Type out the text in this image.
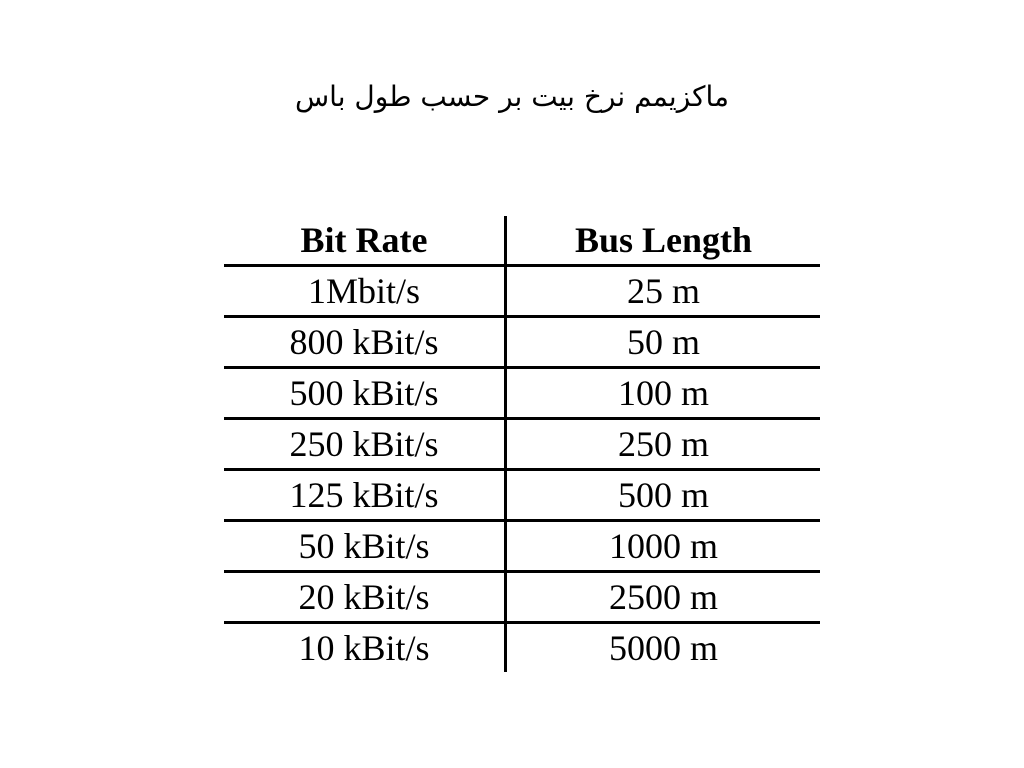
ماکزیمم نرخ بیت بر حسب طول باس
Bit Rate	Bus Length
1Mbit/s	25 m
800 kBit/s	50 m
500 kBit/s	100 m
250 kBit/s	250 m
125 kBit/s	500 m
50 kBit/s	1000 m
20 kBit/s	2500 m
10 kBit/s	5000 m
